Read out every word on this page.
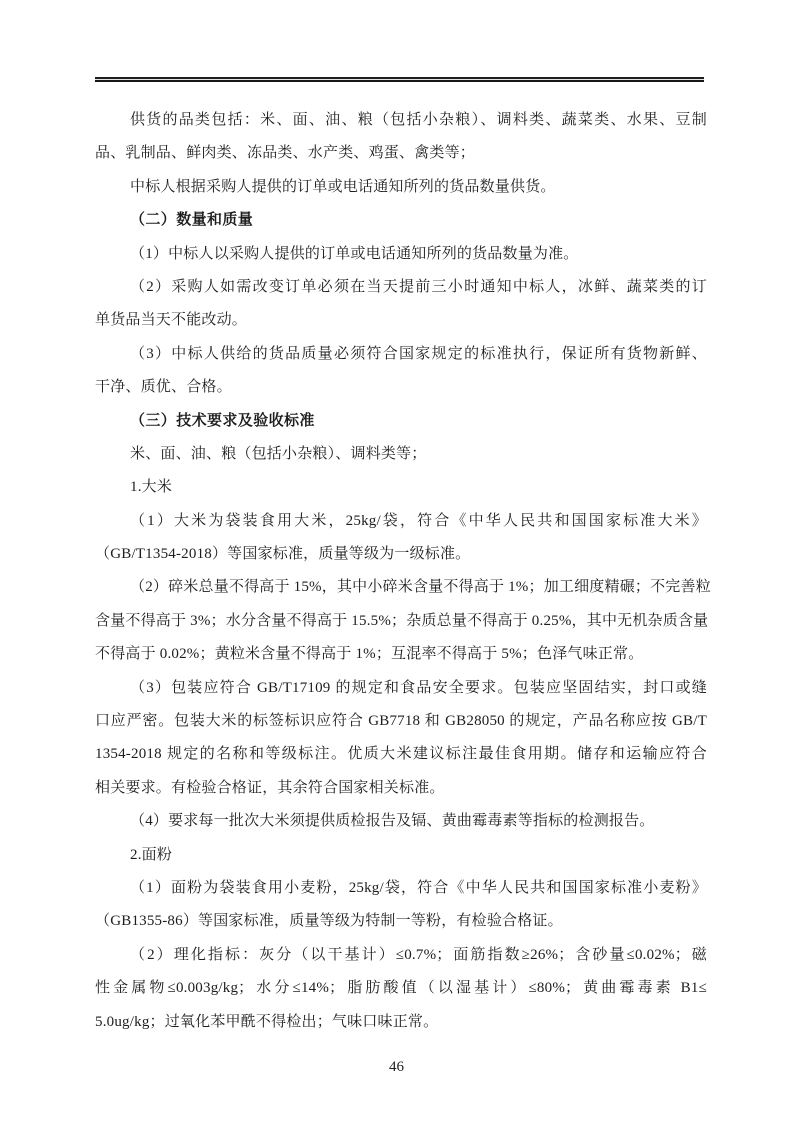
供货的品类包括：米、面、油、粮（包括小杂粮）、调料类、蔬菜类、水果、豆制
品、乳制品、鲜肉类、冻品类、水产类、鸡蛋、禽类等；
中标人根据采购人提供的订单或电话通知所列的货品数量供货。
（二）数量和质量
（1）中标人以采购人提供的订单或电话通知所列的货品数量为准。
（2）采购人如需改变订单必须在当天提前三小时通知中标人，冰鲜、蔬菜类的订
单货品当天不能改动。
（3）中标人供给的货品质量必须符合国家规定的标准执行，保证所有货物新鲜、
干净、质优、合格。
（三）技术要求及验收标准
米、面、油、粮（包括小杂粮）、调料类等；
1.大米
（1）大米为袋装食用大米，25kg/袋，符合《中华人民共和国国家标准大米》
（GB/T1354-2018）等国家标准，质量等级为一级标准。
（2）碎米总量不得高于 15%，其中小碎米含量不得高于 1%；加工细度精碾；不完善粒
含量不得高于 3%；水分含量不得高于 15.5%；杂质总量不得高于 0.25%，其中无机杂质含量
不得高于 0.02%；黄粒米含量不得高于 1%；互混率不得高于 5%；色泽气味正常。
（3）包装应符合 GB/T17109 的规定和食品安全要求。包装应坚固结实，封口或缝
口应严密。包装大米的标签标识应符合 GB7718 和 GB28050 的规定，产品名称应按 GB/T
1354-2018 规定的名称和等级标注。优质大米建议标注最佳食用期。储存和运输应符合
相关要求。有检验合格证，其余符合国家相关标准。
（4）要求每一批次大米须提供质检报告及镉、黄曲霉毒素等指标的检测报告。
2.面粉
（1）面粉为袋装食用小麦粉，25kg/袋，符合《中华人民共和国国家标准小麦粉》
（GB1355-86）等国家标准，质量等级为特制一等粉，有检验合格证。
（2）理化指标：灰分（以干基计）≤0.7%；面筋指数≥26%；含砂量≤0.02%；磁
性金属物≤0.003g/kg；水分≤14%；脂肪酸值（以湿基计）≤80%；黄曲霉毒素 B1≤
5.0ug/kg；过氧化苯甲酰不得检出；气味口味正常。
46
